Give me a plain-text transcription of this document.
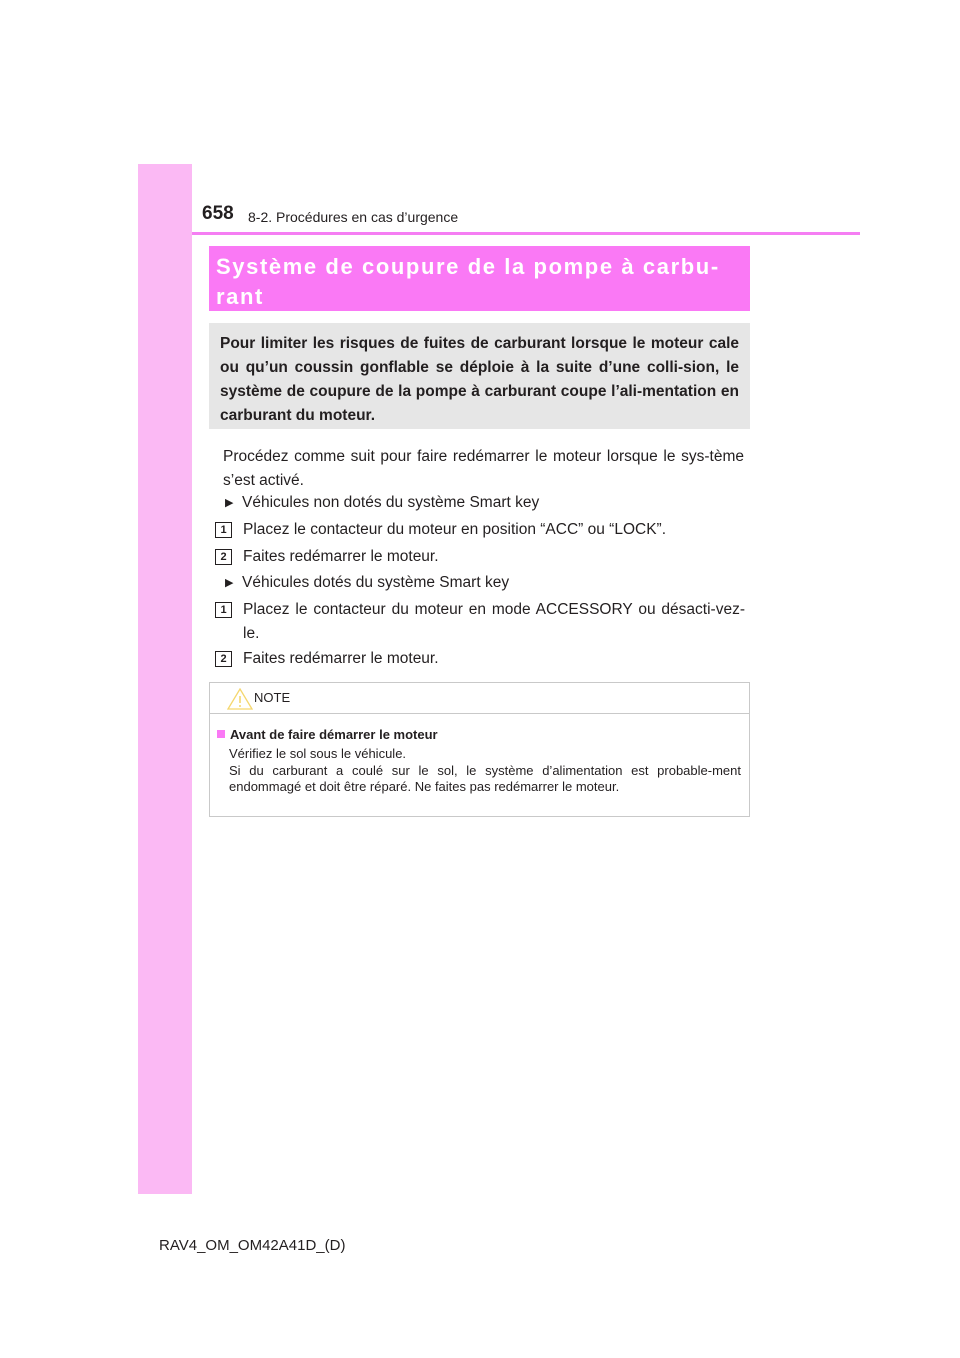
658 8-2. Procédures en cas d’urgence
Système de coupure de la pompe à carbu-
rant
Pour limiter les risques de fuites de carburant lorsque le moteur cale ou qu’un coussin gonflable se déploie à la suite d’une colli-sion, le système de coupure de la pompe à carburant coupe l’ali-mentation en carburant du moteur.
Procédez comme suit pour faire redémarrer le moteur lorsque le sys-tème s’est activé.
▶ Véhicules non dotés du système Smart key
1	Placez le contacteur du moteur en position “ACC” ou “LOCK”.
2	Faites redémarrer le moteur.
▶ Véhicules dotés du système Smart key
1	Placez le contacteur du moteur en mode ACCESSORY ou désacti-vez-le.
2	Faites redémarrer le moteur.
NOTE
Avant de faire démarrer le moteur

Vérifiez le sol sous le véhicule.

Si du carburant a coulé sur le sol, le système d’alimentation est probable-ment endommagé et doit être réparé. Ne faites pas redémarrer le moteur.

RAV4_OM_OM42A41D_(D)
